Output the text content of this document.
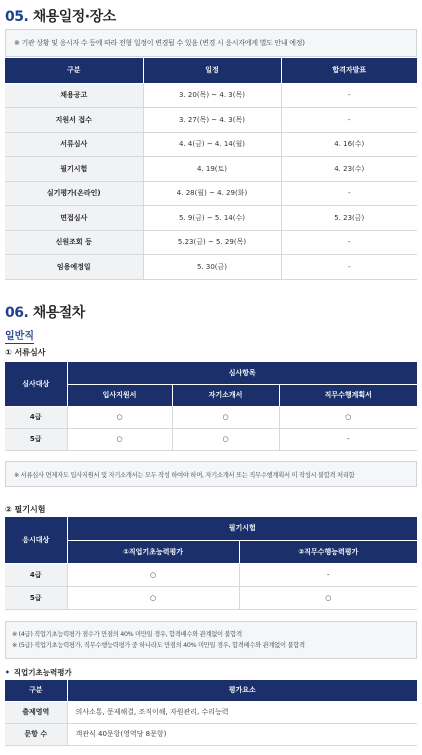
05. 채용일정·장소
※ 기관 상황 및 응시자 수 등에 따라 전형 일정이 변경될 수 있음 (변경 시 응시자에게 별도 안내 예정)
구분	일정	합격자발표
채용공고	3. 20(목) ~ 4. 3(목)	-
지원서 접수	3. 27(목) ~ 4. 3(목)	-
서류심사	4. 4(금) ~ 4. 14(월)	4. 16(수)
필기시험	4. 19(토)	4. 23(수)
실기평가(온라인)	4. 28(월) ~ 4. 29(화)	-
면접심사	5. 9(금) ~ 5. 14(수)	5. 23(금)
신원조회 등	5.23(금) ~ 5. 29(목)	-
임용예정일	5. 30(금)	-
06. 채용절차
일반직
① 서류심사
심사대상	심사항목		
	입사지원서	자기소개서	직무수행계획서
4급	○	○	○
5급	○	○	-
※ 서류심사 면제자도 입사지원서 및 자기소개서는 모두 작성 하여야 하며, 자기소개서 또는 직무수행계획서 미 작성시 불합격 처리함
② 필기시험
응시대상	필기시험	
	①직업기초능력평가	②직무수행능력평가
4급	○	-
5급	○	○
※ (4급) 직업기초능력평가 점수가 만점의 40% 미만일 경우, 합격배수와 관계없이 불합격
※ (5급) 직업기초능력평가, 직무수행능력평가 중 하나라도 만점의 40% 미만일 경우, 합격배수와 관계없이 불합격
• 직업기초능력평가
구분	평가요소
출제영역	의사소통, 문제해결, 조직이해, 자원관리, 수리능력
문항 수	객관식 40문항(영역당 8문항)
